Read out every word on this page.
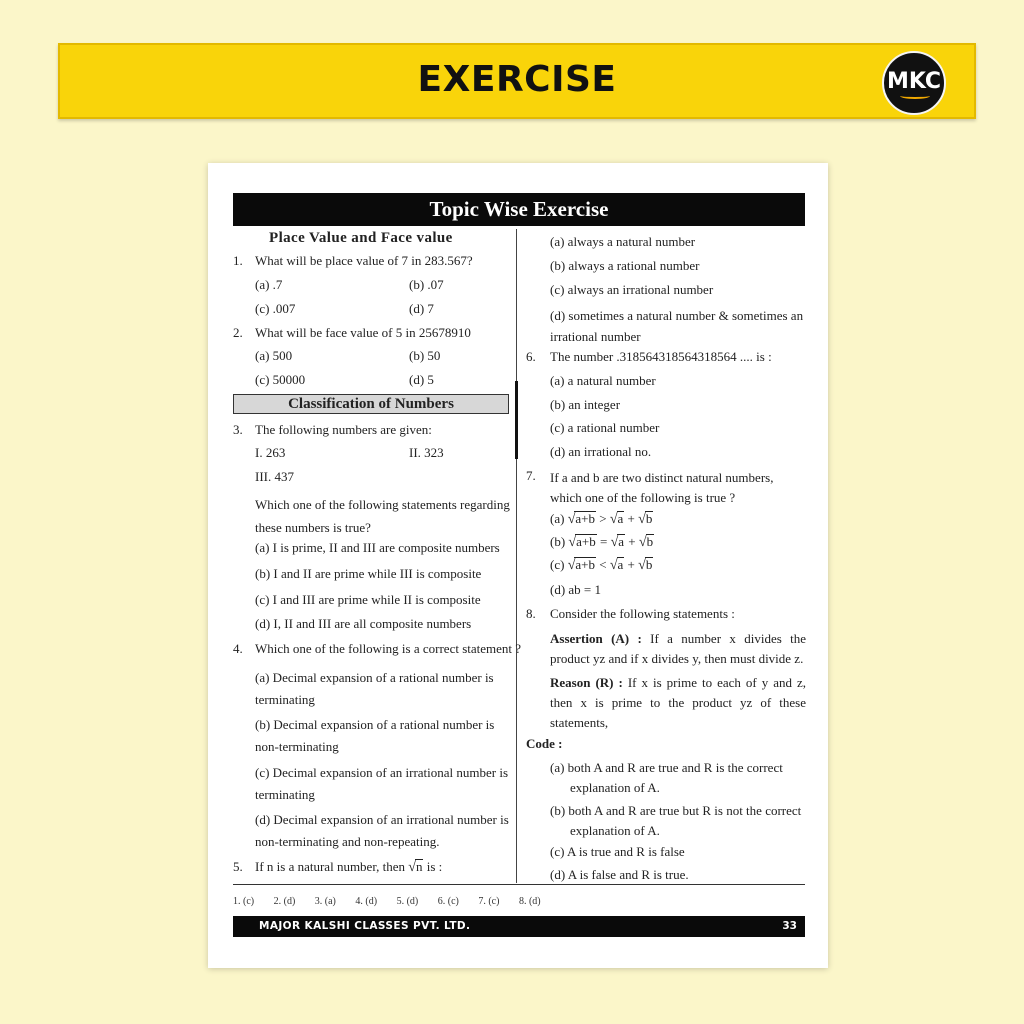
EXERCISE	MKC
Topic Wise Exercise
Place Value and Face value
1. What will be place value of 7 in 283.567?
(a) .7	(b) .07
(c) .007	(d) 7
2. What will be face value of 5 in 25678910
(a) 500	(b) 50
(c) 50000	(d) 5
Classification of Numbers
3. The following numbers are given:
I. 263	II. 323
III. 437
Which one of the following statements regarding these numbers is true?
(a) I is prime, II and III are composite numbers
(b) I and II are prime while III is composite
(c) I and III are prime while II is composite
(d) I, II and III are all composite numbers
4. Which one of the following is a correct statement ?
(a) Decimal expansion of a rational number is terminating
(b) Decimal expansion of a rational number is non-terminating
(c) Decimal expansion of an irrational number is terminating
(d) Decimal expansion of an irrational number is non-terminating and non-repeating.
5. If n is a natural number, then √n is :
(a) always a natural number
(b) always a rational number
(c) always an irrational number
(d) sometimes a natural number & sometimes an irrational number
6. The number .318564318564318564 .... is :
(a) a natural number
(b) an integer
(c) a rational number
(d) an irrational no.
7. If a and b are two distinct natural numbers, which one of the following is true ?
(a) √a+b > √a + √b
(b) √a+b = √a + √b
(c) √a+b < √a + √b
(d) ab = 1
8. Consider the following statements :
Assertion (A) : If a number x divides the product yz and if x divides y, then must divide z.
Reason (R) : If x is prime to each of y and z, then x is prime to the product yz of these statements,
Code :
(a) both A and R are true and R is the correct explanation of A.
(b) both A and R are true but R is not the correct explanation of A.
(c) A is true and R is false
(d) A is false and R is true.
1. (c) 2. (d) 3. (a) 4. (d) 5. (d) 6. (c) 7. (c) 8. (d)
MAJOR KALSHI CLASSES PVT. LTD.	33
